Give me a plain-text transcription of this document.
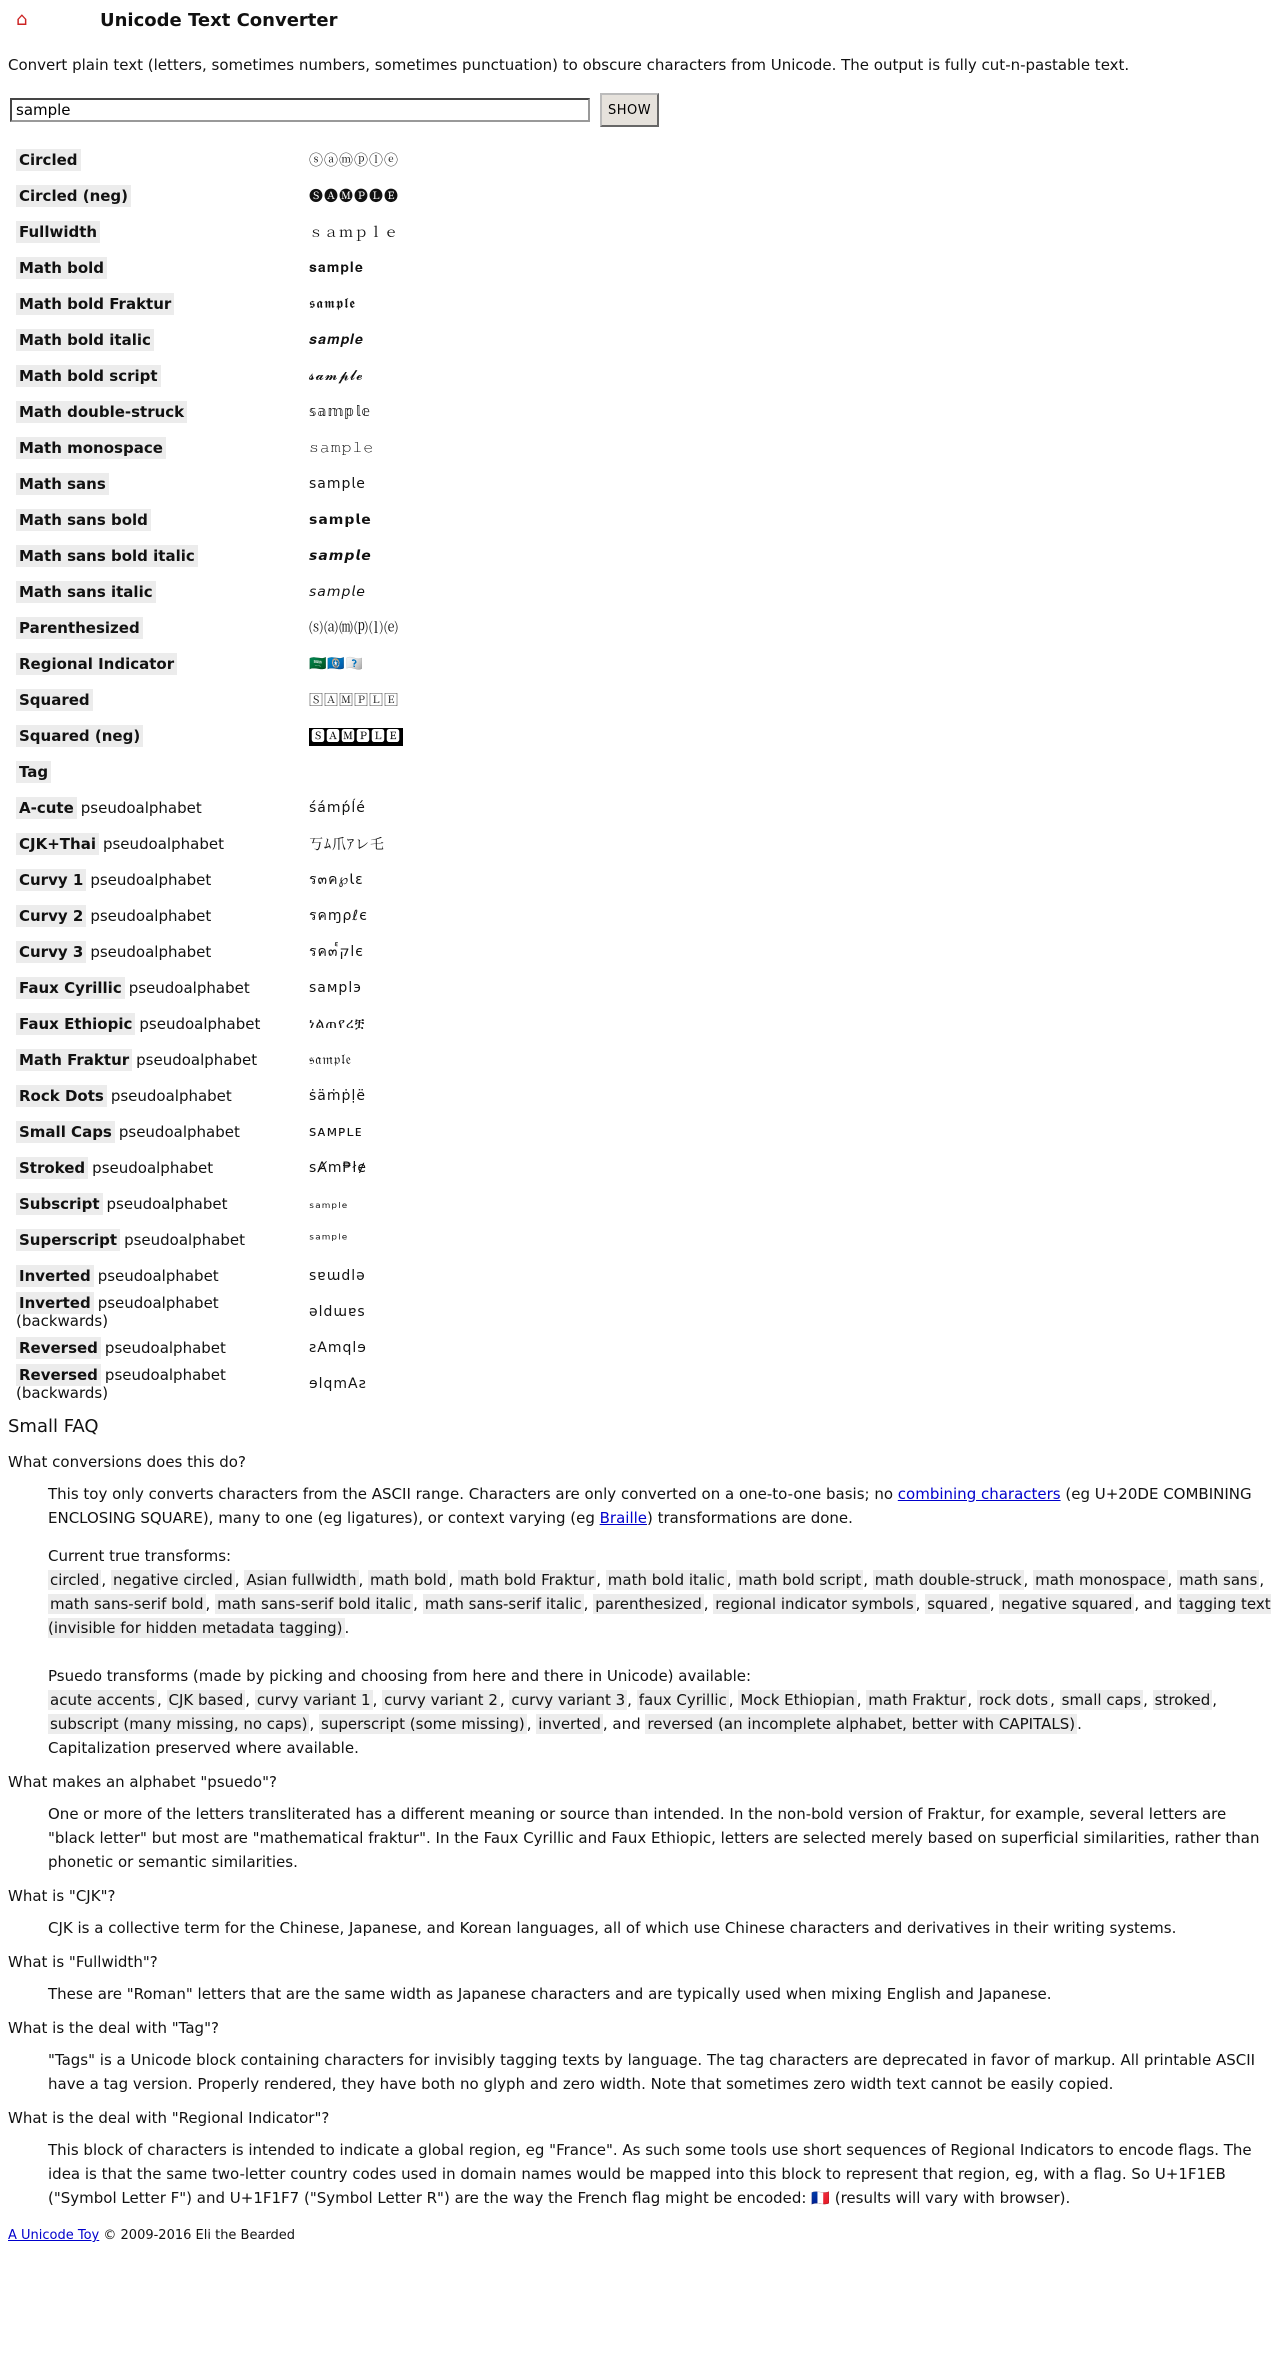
⌂	Unicode Text Converter
Convert plain text (letters, sometimes numbers, sometimes punctuation) to obscure characters from Unicode. The output is fully cut-n-pastable text.
sample
SHOW
Circled	ⓢⓐⓜⓟⓛⓔ
Circled (neg)	🅢🅐🅜🅟🅛🅔
Fullwidth	ｓａｍｐｌｅ
Math bold	𝐬𝐚𝐦𝐩𝐥𝐞
Math bold Fraktur	𝖘𝖆𝖒𝖕𝖑𝖊
Math bold italic	𝒔𝒂𝒎𝒑𝒍𝒆
Math bold script	𝓼𝓪𝓶𝓹𝓵𝓮
Math double-struck	𝕤𝕒𝕞𝕡𝕝𝕖
Math monospace	𝚜𝚊𝚖𝚙𝚕𝚎
Math sans	𝗌𝖺𝗆𝗉𝗅𝖾
Math sans bold	𝘀𝗮𝗺𝗽𝗹𝗲
Math sans bold italic	𝙨𝙖𝙢𝙥𝙡𝙚
Math sans italic	𝘴𝘢𝘮𝘱𝘭𝘦
Parenthesized	⒮⒜⒨⒫⒧⒠
Regional Indicator	🇸🇦🇲🇵🇱🇪
Squared	🅂🄰🄼🄿🄻🄴
Squared (neg)	🆂🅰🅼🅿🅻🅴
Tag	󠁳󠁡󠁭󠁰󠁬󠁥
A-cute pseudoalphabet	śámṕĺé
CJK+Thai pseudoalphabet	丂ﾑ爪ｱレ乇
Curvy 1 pseudoalphabet	ร๓ค℘Ɩɛ
Curvy 2 pseudoalphabet	รคɱρℓє
Curvy 3 pseudoalphabet	รค๓ק๎lє
Faux Cyrillic pseudoalphabet	ѕамрlэ
Faux Ethiopic pseudoalphabet	ነልጠየረቿ
Math Fraktur pseudoalphabet	𝔰𝔞𝔪𝔭𝔩𝔢
Rock Dots pseudoalphabet	ṡäṁṗḷë
Small Caps pseudoalphabet	ꜱᴀᴍᴘʟᴇ
Stroked pseudoalphabet	sȺm₱łɇ
Subscript pseudoalphabet	ₛₐₘₚₗₑ
Superscript pseudoalphabet	ˢᵃᵐᵖˡᵉ
Inverted pseudoalphabet	sɐɯdlǝ
Inverted pseudoalphabet (backwards)	ǝldɯɐs
Reversed pseudoalphabet	ƨAmqlɘ
Reversed pseudoalphabet (backwards)	ɘlqmAƨ
Small FAQ
What conversions does this do?

This toy only converts characters from the ASCII range. Characters are only converted on a one-to-one basis; no combining characters (eg U+20DE COMBINING ENCLOSING SQUARE), many to one (eg ligatures), or context varying (eg Braille) transformations are done.

Current true transforms:
circled , negative circled , Asian fullwidth , math bold , math bold Fraktur , math bold italic , math bold script , math double-struck , math monospace , math sans , math sans-serif bold , math sans-serif bold italic , math sans-serif italic , parenthesized , regional indicator symbols , squared , negative squared , and tagging text (invisible for hidden metadata tagging) .

Psuedo transforms (made by picking and choosing from here and there in Unicode) available:
acute accents , CJK based , curvy variant 1 , curvy variant 2 , curvy variant 3 , faux Cyrillic , Mock Ethiopian , math Fraktur , rock dots , small caps , stroked , subscript (many missing, no caps) , superscript (some missing) , inverted , and reversed (an incomplete alphabet, better with CAPITALS) .
Capitalization preserved where available.

What makes an alphabet "psuedo"?
One or more of the letters transliterated has a different meaning or source than intended. In the non-bold version of Fraktur, for example, several letters are "black letter" but most are "mathematical fraktur". In the Faux Cyrillic and Faux Ethiopic, letters are selected merely based on superficial similarities, rather than phonetic or semantic similarities.
What is "CJK"?
CJK is a collective term for the Chinese, Japanese, and Korean languages, all of which use Chinese characters and derivatives in their writing systems.
What is "Fullwidth"?
These are "Roman" letters that are the same width as Japanese characters and are typically used when mixing English and Japanese.
What is the deal with "Tag"?
"Tags" is a Unicode block containing characters for invisibly tagging texts by language. The tag characters are deprecated in favor of markup. All printable ASCII have a tag version. Properly rendered, they have both no glyph and zero width. Note that sometimes zero width text cannot be easily copied.
What is the deal with "Regional Indicator"?
This block of characters is intended to indicate a global region, eg "France". As such some tools use short sequences of Regional Indicators to encode flags. The idea is that the same two-letter country codes used in domain names would be mapped into this block to represent that region, eg, with a flag. So U+1F1EB ("Symbol Letter F") and U+1F1F7 ("Symbol Letter R") are the way the French flag might be encoded: 🇫🇷 (results will vary with browser).
A Unicode Toy © 2009-2016 Eli the Bearded
